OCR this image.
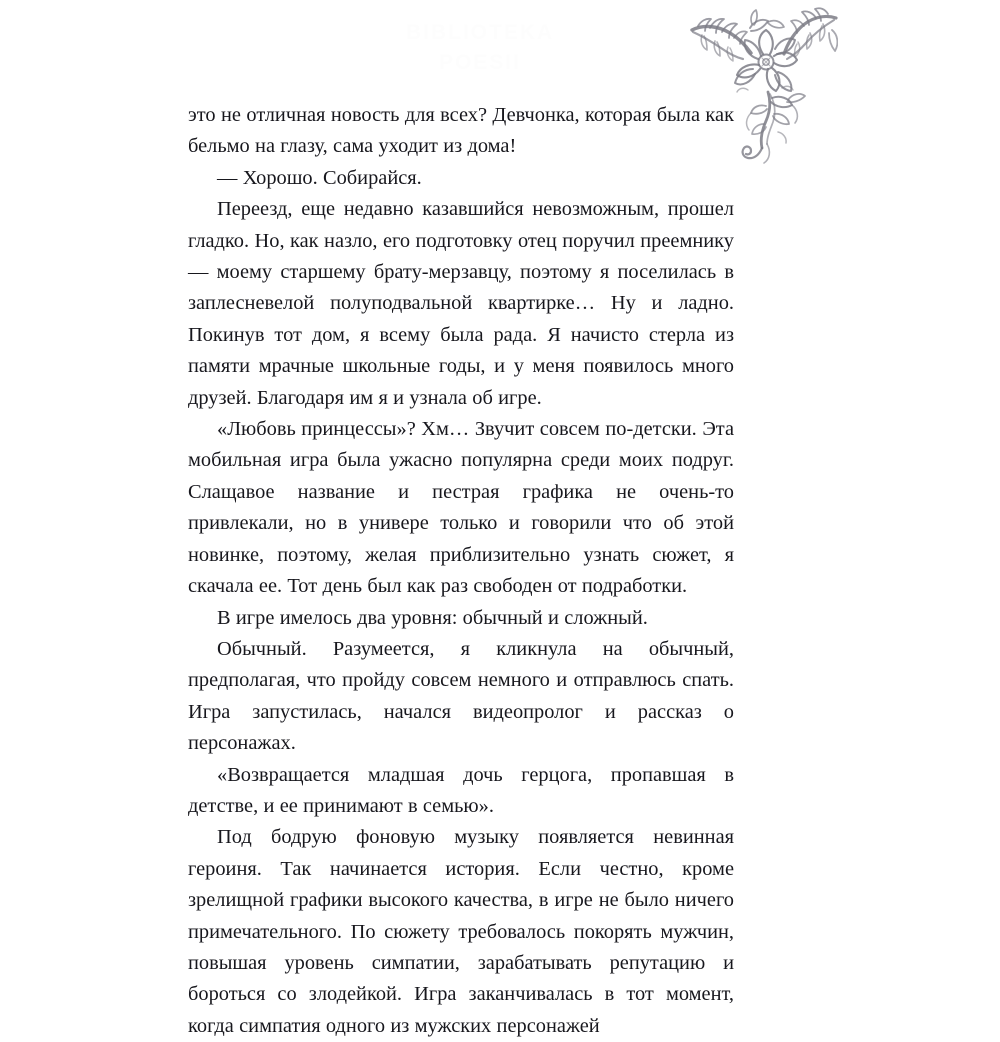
BIBLIOTEKA
POESII

это не отличная новость для всех? Девчонка, которая была как бельмо на глазу, сама уходит из дома!

— Хорошо. Собирайся.

Переезд, еще недавно казавшийся невозможным, прошел гладко. Но, как назло, его подготовку отец поручил преемнику — моему старшему брату-мерзавцу, поэтому я поселилась в заплесневелой полуподвальной квартирке… Ну и ладно. Покинув тот дом, я всему была рада. Я начисто стерла из памяти мрачные школьные годы, и у меня появилось много друзей. Благодаря им я и узнала об игре.

«Любовь принцессы»? Хм… Звучит совсем по-детски. Эта мобильная игра была ужасно популярна среди моих подруг. Слащавое название и пестрая графика не очень-то привлекали, но в универе только и говорили что об этой новинке, поэтому, желая приблизительно узнать сюжет, я скачала ее. Тот день был как раз свободен от подработки.

В игре имелось два уровня: обычный и сложный.

Обычный. Разумеется, я кликнула на обычный, предполагая, что пройду совсем немного и отправлюсь спать. Игра запустилась, начался видеопролог и рассказ о персонажах.

«Возвращается младшая дочь герцога, пропавшая в детстве, и ее принимают в семью».

Под бодрую фоновую музыку появляется невинная героиня. Так начинается история. Если честно, кроме зрелищной графики высокого качества, в игре не было ничего примечательного. По сюжету требовалось покорять мужчин, повышая уровень симпатии, зарабатывать репутацию и бороться со злодейкой. Игра заканчивалась в тот момент, когда симпатия одного из мужских персонажей
